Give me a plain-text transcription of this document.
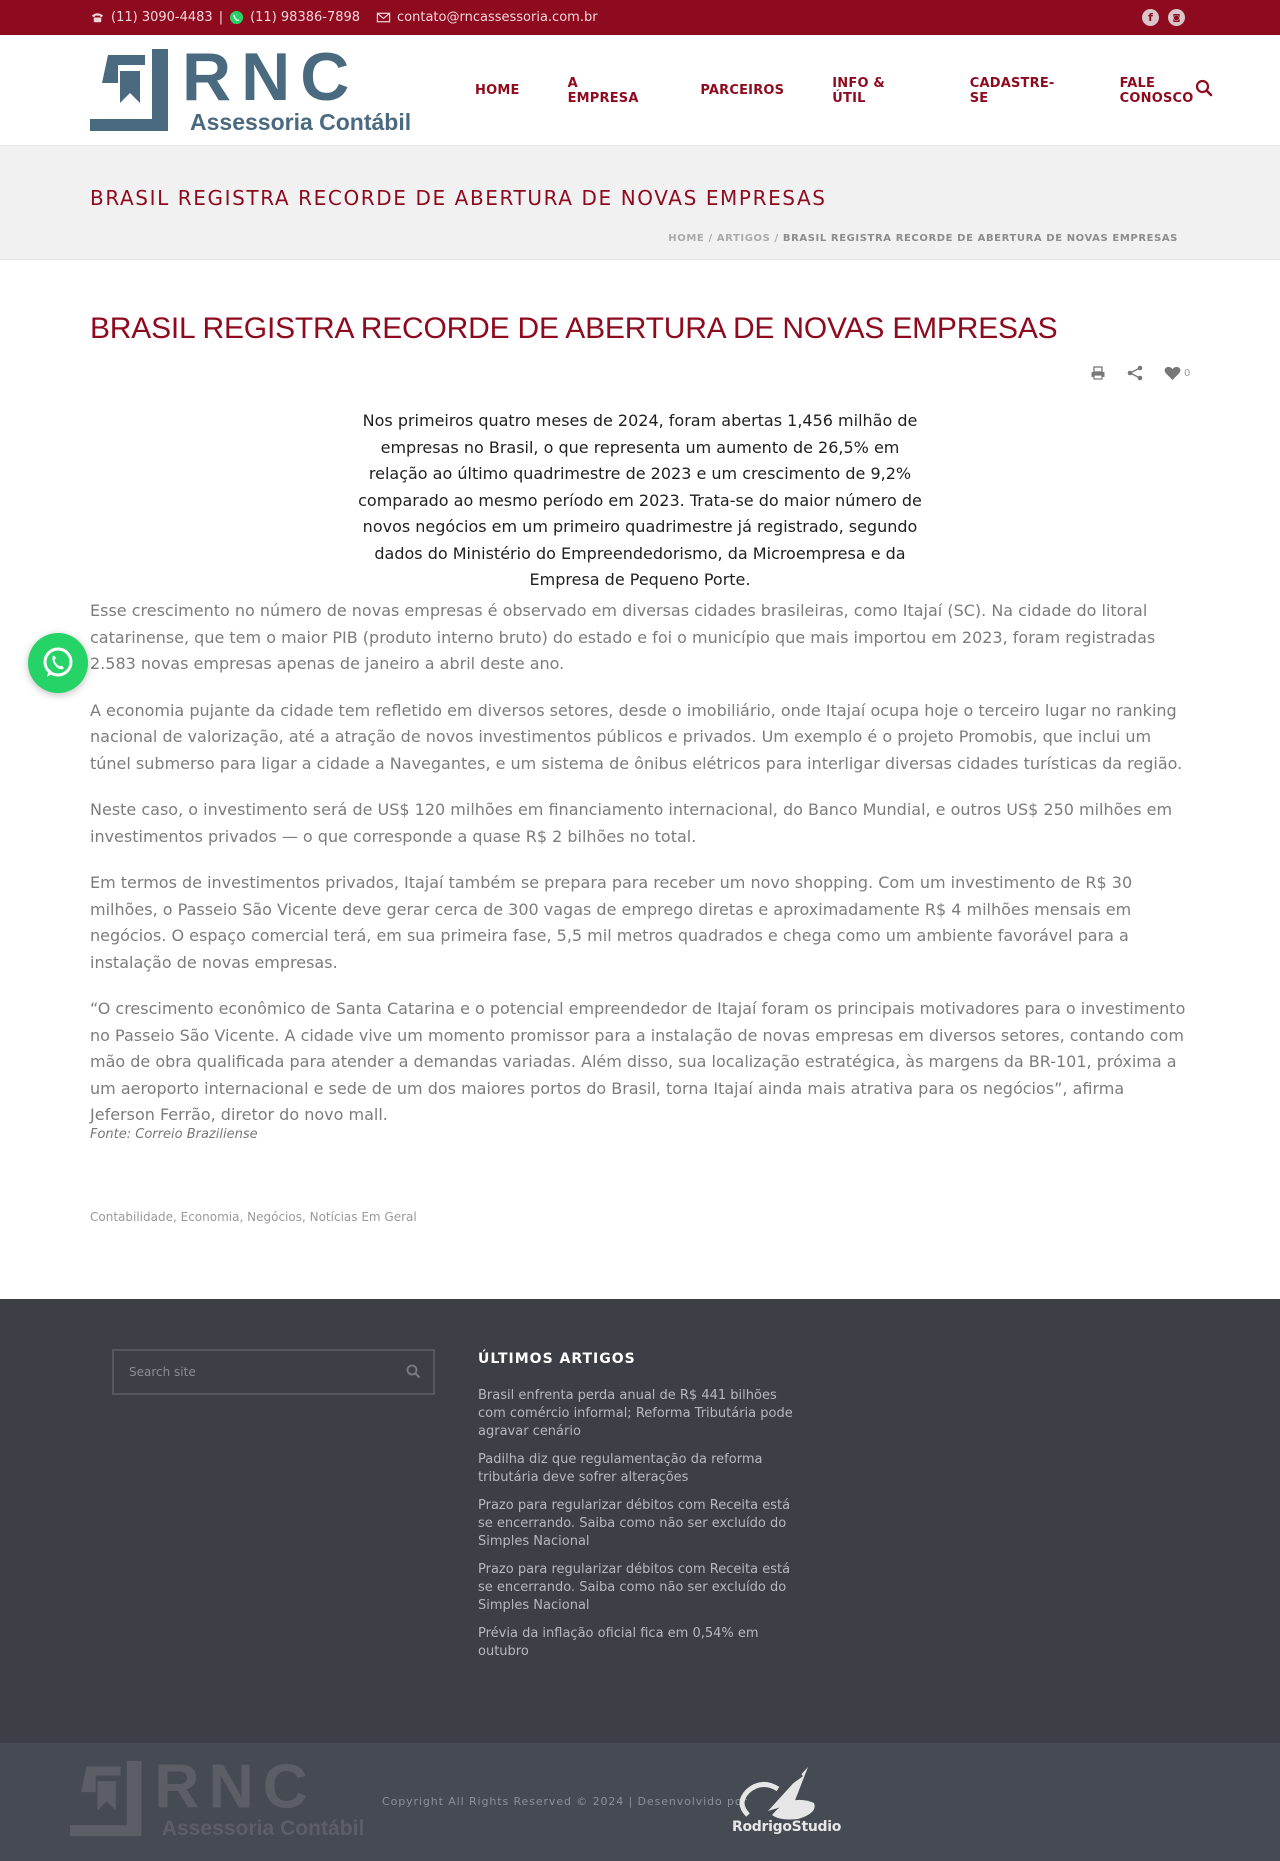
(11) 3090-4483 | (11) 98386-7898	contato@rncassessoria.com.br	f	◙
RNC
Assessoria Contábil
HOME	A EMPRESA	PARCEIROS	INFO & ÚTIL
CADASTRE-SE
FALE CONOSCO
BRASIL REGISTRA RECORDE DE ABERTURA DE NOVAS EMPRESAS
HOME / ARTIGOS / BRASIL REGISTRA RECORDE DE ABERTURA DE NOVAS EMPRESAS
BRASIL REGISTRA RECORDE DE ABERTURA DE NOVAS EMPRESAS
0

Nos primeiros quatro meses de 2024, foram abertas 1,456 milhão de empresas no Brasil, o que representa um aumento de 26,5% em relação ao último quadrimestre de 2023 e um crescimento de 9,2% comparado ao mesmo período em 2023. Trata-se do maior número de novos negócios em um primeiro quadrimestre já registrado, segundo dados do Ministério do Empreendedorismo, da Microempresa e da Empresa de Pequeno Porte.

Esse crescimento no número de novas empresas é observado em diversas cidades brasileiras, como Itajaí (SC). Na cidade do litoral catarinense, que tem o maior PIB (produto interno bruto) do estado e foi o município que mais importou em 2023, foram registradas 2.583 novas empresas apenas de janeiro a abril deste ano.

A economia pujante da cidade tem refletido em diversos setores, desde o imobiliário, onde Itajaí ocupa hoje o terceiro lugar no ranking nacional de valorização, até a atração de novos investimentos públicos e privados. Um exemplo é o projeto Promobis, que inclui um túnel submerso para ligar a cidade a Navegantes, e um sistema de ônibus elétricos para interligar diversas cidades turísticas da região.

Neste caso, o investimento será de US$ 120 milhões em financiamento internacional, do Banco Mundial, e outros US$ 250 milhões em investimentos privados — o que corresponde a quase R$ 2 bilhões no total.

Em termos de investimentos privados, Itajaí também se prepara para receber um novo shopping. Com um investimento de R$ 30 milhões, o Passeio São Vicente deve gerar cerca de 300 vagas de emprego diretas e aproximadamente R$ 4 milhões mensais em negócios. O espaço comercial terá, em sua primeira fase, 5,5 mil metros quadrados e chega como um ambiente favorável para a instalação de novas empresas.

“O crescimento econômico de Santa Catarina e o potencial empreendedor de Itajaí foram os principais motivadores para o investimento no Passeio São Vicente. A cidade vive um momento promissor para a instalação de novas empresas em diversos setores, contando com mão de obra qualificada para atender a demandas variadas. Além disso, sua localização estratégica, às margens da BR-101, próxima a um aeroporto internacional e sede de um dos maiores portos do Brasil, torna Itajaí ainda mais atrativa para os negócios”, afirma Jeferson Ferrão, diretor do novo mall.

Fonte: Correio Braziliense
Contabilidade, Economia, Negócios, Notícias Em Geral
Search site
ÚLTIMOS ARTIGOS
Brasil enfrenta perda anual de R$ 441 bilhões com comércio informal; Reforma Tributária pode agravar cenário
Padilha diz que regulamentação da reforma tributária deve sofrer alterações
Prazo para regularizar débitos com Receita está se encerrando. Saiba como não ser excluído do Simples Nacional
Prazo para regularizar débitos com Receita está se encerrando. Saiba como não ser excluído do Simples Nacional
Prévia da inflação oficial fica em 0,54% em outubro
RNC
Assessoria Contábil
Copyright All Rights Reserved © 2024 | Desenvolvido por
RodrigoStudio
